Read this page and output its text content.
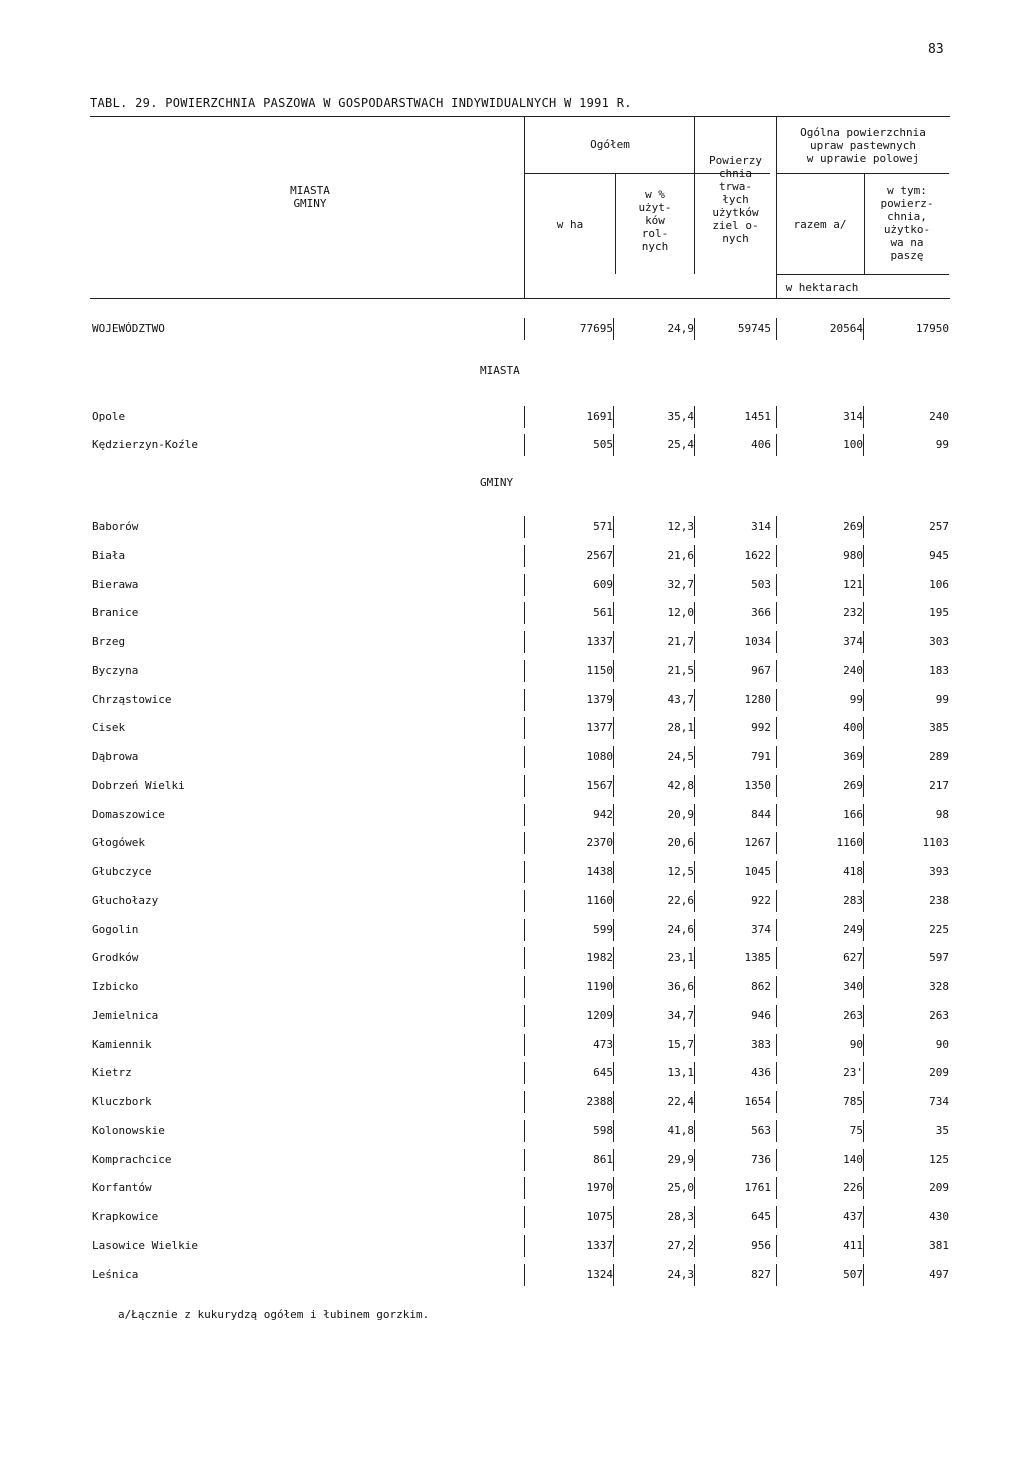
83
TABL. 29. POWIERZCHNIA PASZOWA W GOSPODARSTWACH INDYWIDUALNYCH W 1991 R.
MIASTA
GMINY
Ogółem
w ha
w %
użyt-
ków
rol-
nych
Powierzy
chnia
trwa-
łych
użytków
ziel o-
nych
Ogólna powierzchnia
upraw pastewnych
w uprawie polowej
razem a/
w tym:
powierz-
chnia,
użytko-
wa na
paszę
w hektarach
WOJEWÓDZTWO	77695	24,9	59745	20564	17950
MIASTA
Opole	1691	35,4	1451	314	240
Kędzierzyn-Koźle	505	25,4	406	100	99
GMINY
Baborów	571	12,3	314	269	257
Biała	2567	21,6	1622	980	945
Bierawa	609	32,7	503	121	106
Branice	561	12,0	366	232	195
Brzeg	1337	21,7	1034	374	303
Byczyna	1150	21,5	967	240	183
Chrząstowice	1379	43,7	1280	99	99
Cisek	1377	28,1	992	400	385
Dąbrowa	1080	24,5	791	369	289
Dobrzeń Wielki	1567	42,8	1350	269	217
Domaszowice	942	20,9	844	166	98
Głogówek	2370	20,6	1267	1160	1103
Głubczyce	1438	12,5	1045	418	393
Głuchołazy	1160	22,6	922	283	238
Gogolin	599	24,6	374	249	225
Grodków	1982	23,1	1385	627	597
Izbicko	1190	36,6	862	340	328
Jemielnica	1209	34,7	946	263	263
Kamiennik	473	15,7	383	90	90
Kietrz	645	13,1	436	23'	209
Kluczbork	2388	22,4	1654	785	734
Kolonowskie	598	41,8	563	75	35
Komprachcice	861	29,9	736	140	125
Korfantów	1970	25,0	1761	226	209
Krapkowice	1075	28,3	645	437	430
Lasowice Wielkie	1337	27,2	956	411	381
Leśnica	1324	24,3	827	507	497
a/Łącznie z kukurydzą ogółem i łubinem gorzkim.
